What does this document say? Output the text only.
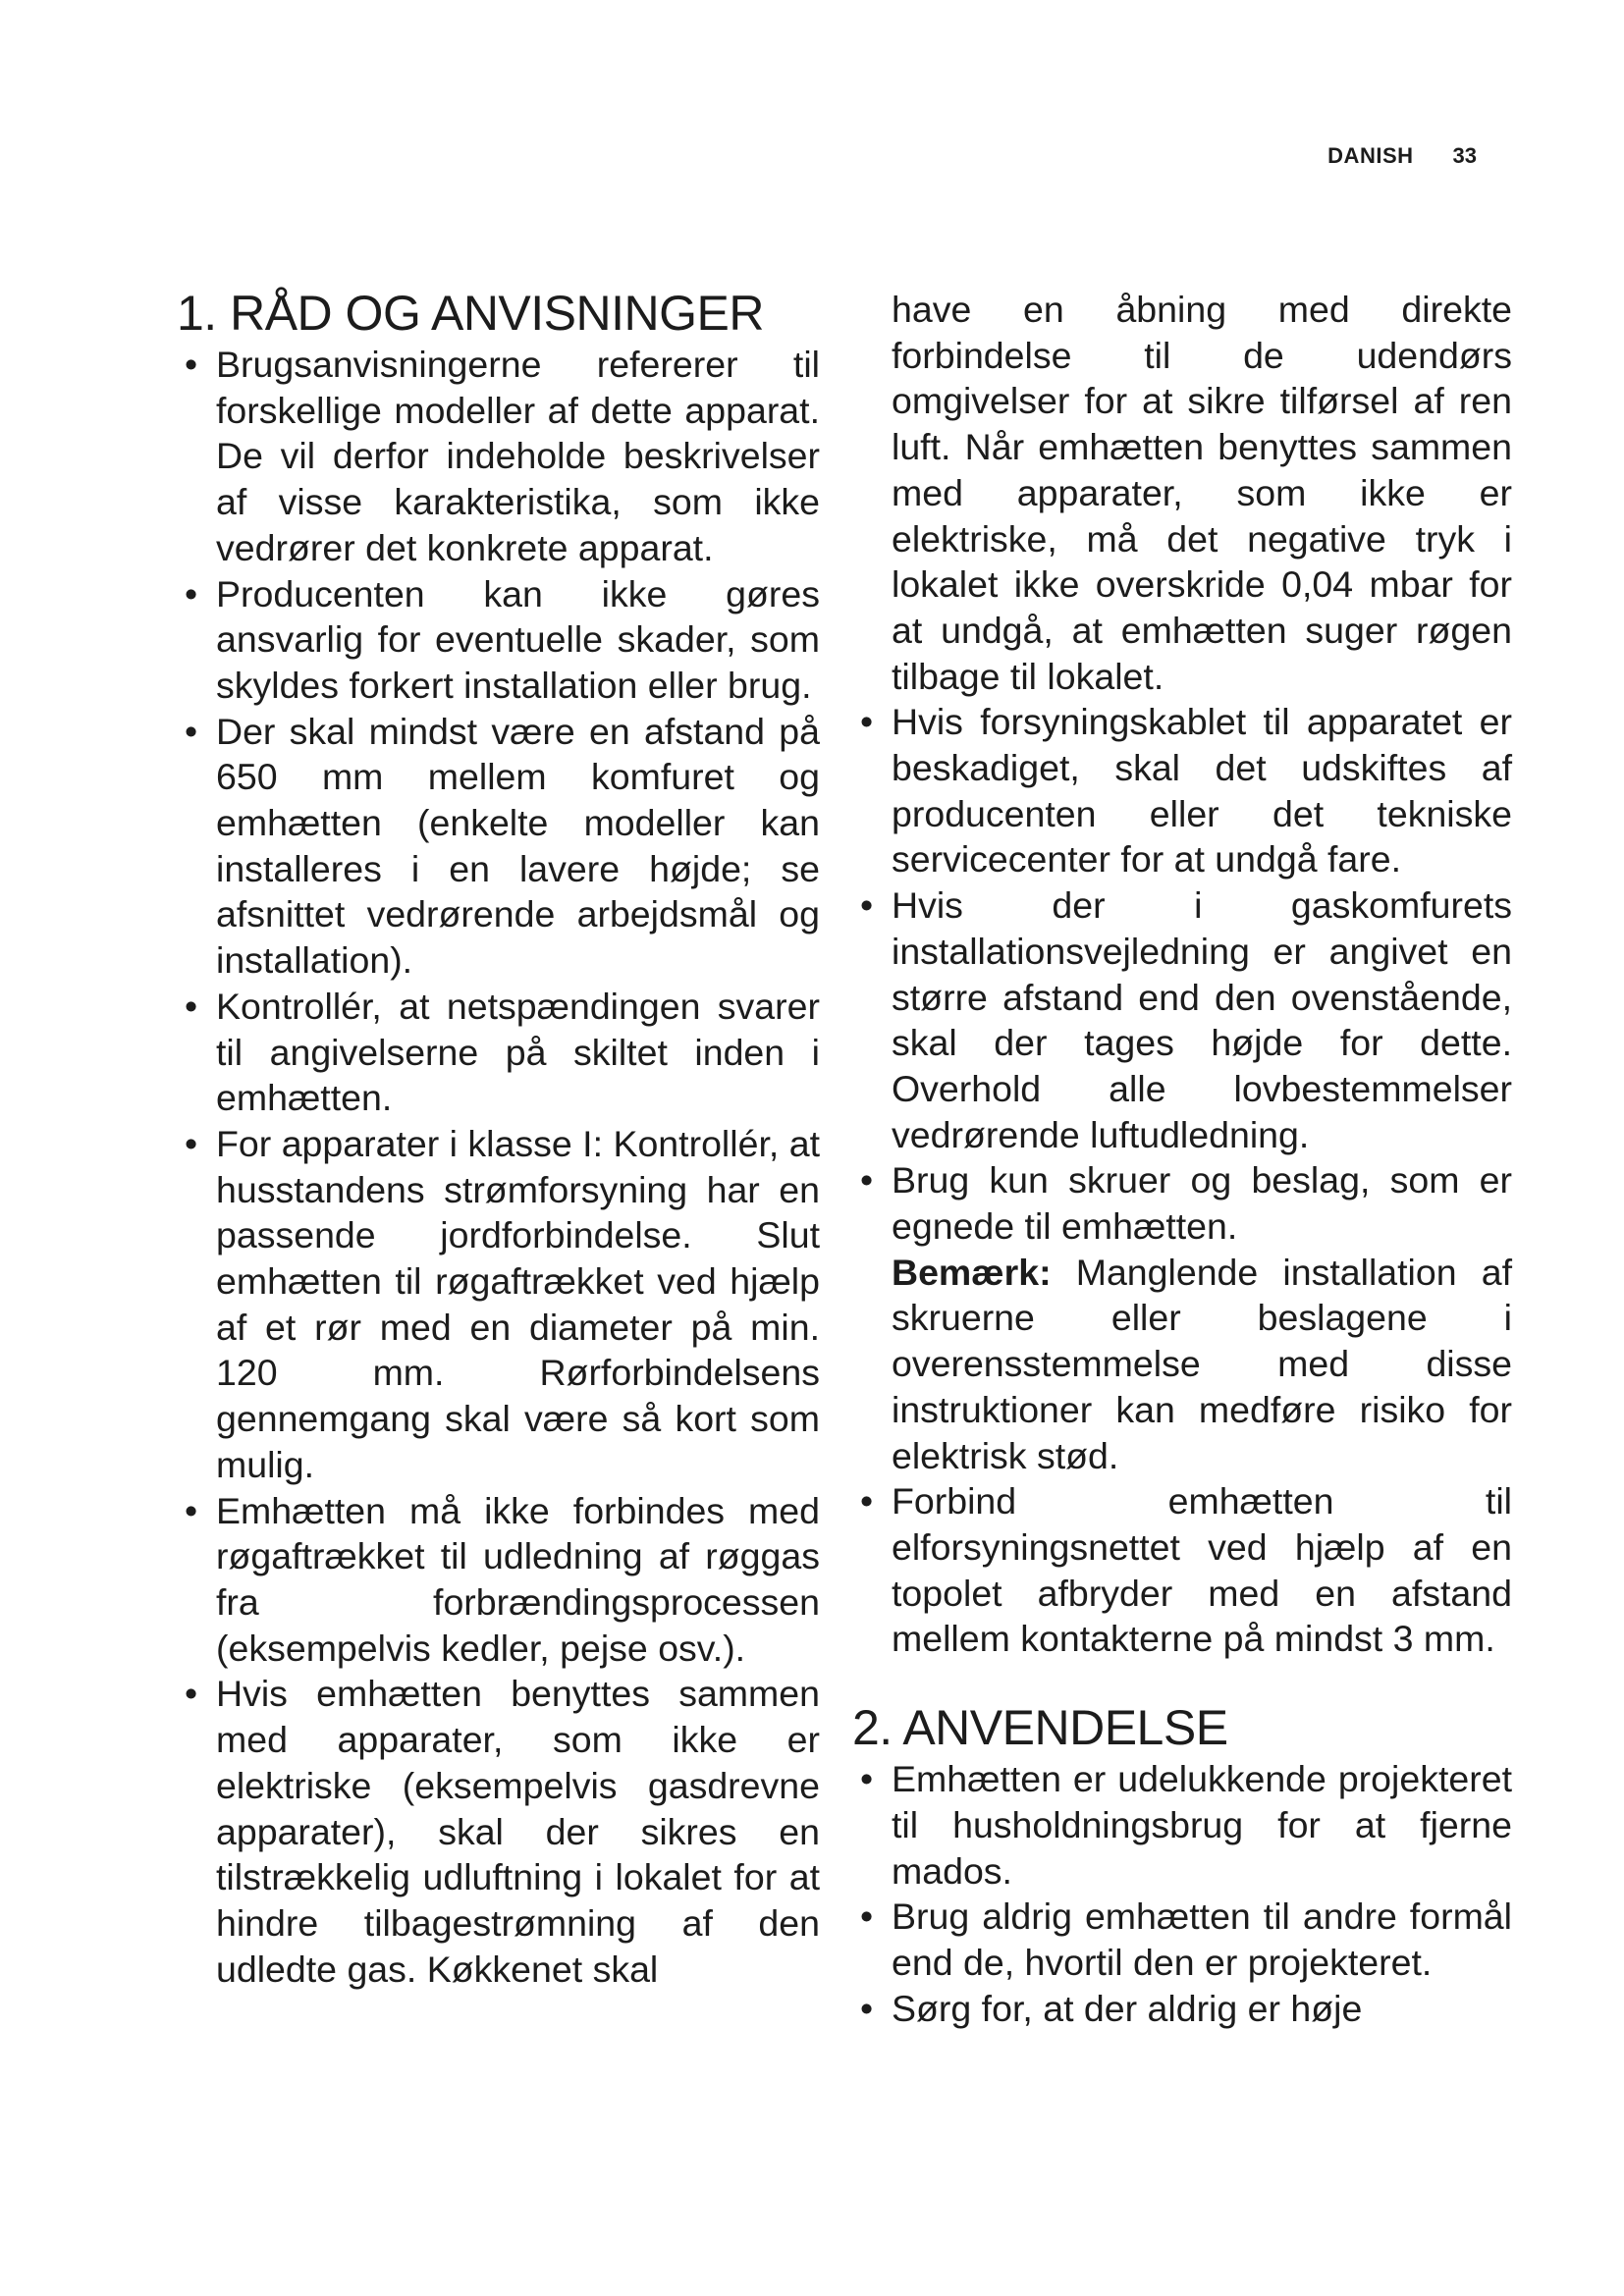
DANISH 33
1. RÅD OG ANVISNINGER
• Brugsanvisningerne refererer til forskellige modeller af dette apparat. De vil derfor indeholde beskrivelser af visse karakteristika, som ikke vedrører det konkrete apparat.
• Producenten kan ikke gøres ansvarlig for eventuelle skader, som skyldes forkert installation eller brug.
• Der skal mindst være en afstand på 650 mm mellem komfuret og emhætten (enkelte modeller kan installeres i en lavere højde; se afsnittet vedrørende arbejdsmål og installation).
• Kontrollér, at netspændingen svarer til angivelserne på skiltet inden i emhætten.
• For apparater i klasse I: Kontrollér, at husstandens strømforsyning har en passende jordforbindelse. Slut emhætten til røgaftrækket ved hjælp af et rør med en diameter på min. 120 mm. Rørforbindelsens gennemgang skal være så kort som mulig.
• Emhætten må ikke forbindes med røgaftrækket til udledning af røggas fra forbrændingsprocessen (eksempelvis kedler, pejse osv.).
• Hvis emhætten benyttes sammen med apparater, som ikke er elektriske (eksempelvis gasdrevne apparater), skal der sikres en tilstrækkelig udluftning i lokalet for at hindre tilbagestrømning af den udledte gas. Køkkenet skal

have en åbning med direkte forbindelse til de udendørs omgivelser for at sikre tilførsel af ren luft. Når emhætten benyttes sammen med apparater, som ikke er elektriske, må det negative tryk i lokalet ikke overskride 0,04 mbar for at undgå, at emhætten suger røgen tilbage til lokalet.

• Hvis forsyningskablet til apparatet er beskadiget, skal det udskiftes af producenten eller det tekniske servicecenter for at undgå fare.
• Hvis der i gaskomfurets installationsvejledning er angivet en større afstand end den ovenstående, skal der tages højde for dette. Overhold alle lovbestemmelser vedrørende luftudledning.
• Brug kun skruer og beslag, som er egnede til emhætten.
Bemærk: Manglende installation af skruerne eller beslagene i overensstemmelse med disse instruktioner kan medføre risiko for elektrisk stød.
• Forbind emhætten til elforsyningsnettet ved hjælp af en topolet afbryder med en afstand mellem kontakterne på mindst 3 mm.
2. ANVENDELSE
• Emhætten er udelukkende projekteret til husholdningsbrug for at fjerne mados.
• Brug aldrig emhætten til andre formål end de, hvortil den er projekteret.
• Sørg for, at der aldrig er høje
